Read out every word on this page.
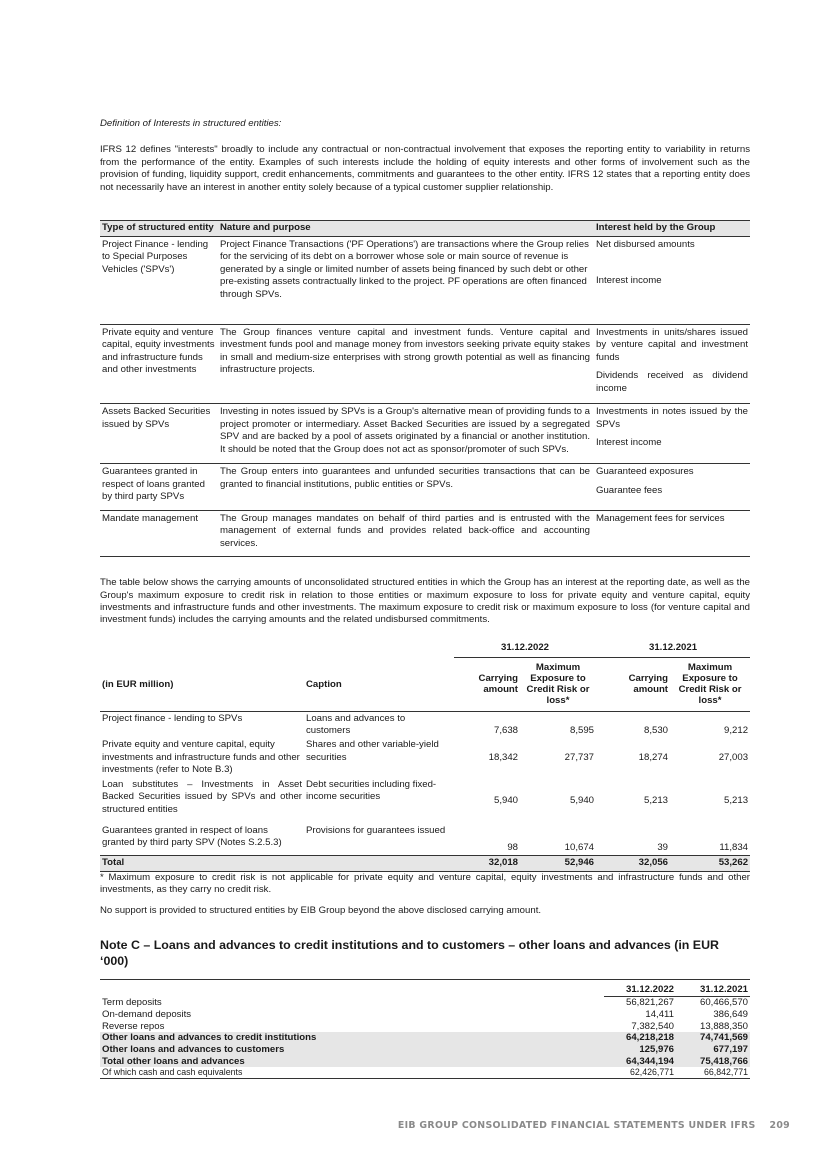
Definition of Interests in structured entities:

IFRS 12 defines "interests" broadly to include any contractual or non-contractual involvement that exposes the reporting entity to variability in returns from the performance of the entity. Examples of such interests include the holding of equity interests and other forms of involvement such as the provision of funding, liquidity support, credit enhancements, commitments and guarantees to the other entity. IFRS 12 states that a reporting entity does not necessarily have an interest in another entity solely because of a typical customer supplier relationship.

Type of structured entity	Nature and purpose	Interest held by the Group
Project Finance - lending to Special Purposes Vehicles ('SPVs')	Project Finance Transactions ('PF Operations') are transactions where the Group relies for the servicing of its debt on a borrower whose sole or main source of revenue is generated by a single or limited number of assets being financed by such debt or other pre-existing assets contractually linked to the project. PF operations are often financed through SPVs.	Net disbursed amounts
Interest income

Private equity and venture capital, equity investments and infrastructure funds and other investments	The Group finances venture capital and investment funds. Venture capital and investment funds pool and manage money from investors seeking private equity stakes in small and medium-size enterprises with strong growth potential as well as financing infrastructure projects.	Investments in units/shares issued by venture capital and investment funds
Dividends received as dividend income

Assets Backed Securities issued by SPVs	Investing in notes issued by SPVs is a Group's alternative mean of providing funds to a project promoter or intermediary. Asset Backed Securities are issued by a segregated SPV and are backed by a pool of assets originated by a financial or another institution. It should be noted that the Group does not act as sponsor/promoter of such SPVs.	Investments in notes issued by the SPVs
Interest income

Guarantees granted in respect of loans granted by third party SPVs	The Group enters into guarantees and unfunded securities transactions that can be granted to financial institutions, public entities or SPVs.	Guaranteed exposures
Guarantee fees

Mandate management	The Group manages mandates on behalf of third parties and is entrusted with the management of external funds and provides related back-office and accounting services.	Management fees for services

The table below shows the carrying amounts of unconsolidated structured entities in which the Group has an interest at the reporting date, as well as the Group's maximum exposure to credit risk in relation to those entities or maximum exposure to loss for private equity and venture capital, equity investments and infrastructure funds and other investments. The maximum exposure to credit risk or maximum exposure to loss (for venture capital and investment funds) includes the carrying amounts and the related undisbursed commitments.

		31.12.2022		31.12.2021	
(in EUR million)	Caption	Carrying amount	Maximum Exposure to Credit Risk or loss*	Carrying amount	Maximum Exposure to Credit Risk or loss*
Project finance - lending to SPVs	Loans and advances to customers	7,638	8,595	8,530	9,212
Private equity and venture capital, equity investments and infrastructure funds and other investments (refer to Note B.3)	Shares and other variable-yield securities	18,342	27,737	18,274	27,003
Loan substitutes – Investments in Asset Backed Securities issued by SPVs and other structured entities	Debt securities including fixed-income securities	5,940	5,940	5,213	5,213
Guarantees granted in respect of loans granted by third party SPV (Notes S.2.5.3)	Provisions for guarantees issued	98	10,674	39	11,834
Total		32,018	52,946	32,056	53,262

* Maximum exposure to credit risk is not applicable for private equity and venture capital, equity investments and infrastructure funds and other investments, as they carry no credit risk.

No support is provided to structured entities by EIB Group beyond the above disclosed carrying amount.

Note C – Loans and advances to credit institutions and to customers – other loans and advances (in EUR ‘000)
	31.12.2022	31.12.2021
Term deposits	56,821,267	60,466,570
On-demand deposits	14,411	386,649
Reverse repos	7,382,540	13,888,350
Other loans and advances to credit institutions	64,218,218	74,741,569
Other loans and advances to customers	125,976	677,197
Total other loans and advances	64,344,194	75,418,766
Of which cash and cash equivalents	62,426,771	66,842,771
EIB GROUP CONSOLIDATED FINANCIAL STATEMENTS UNDER IFRS 209
